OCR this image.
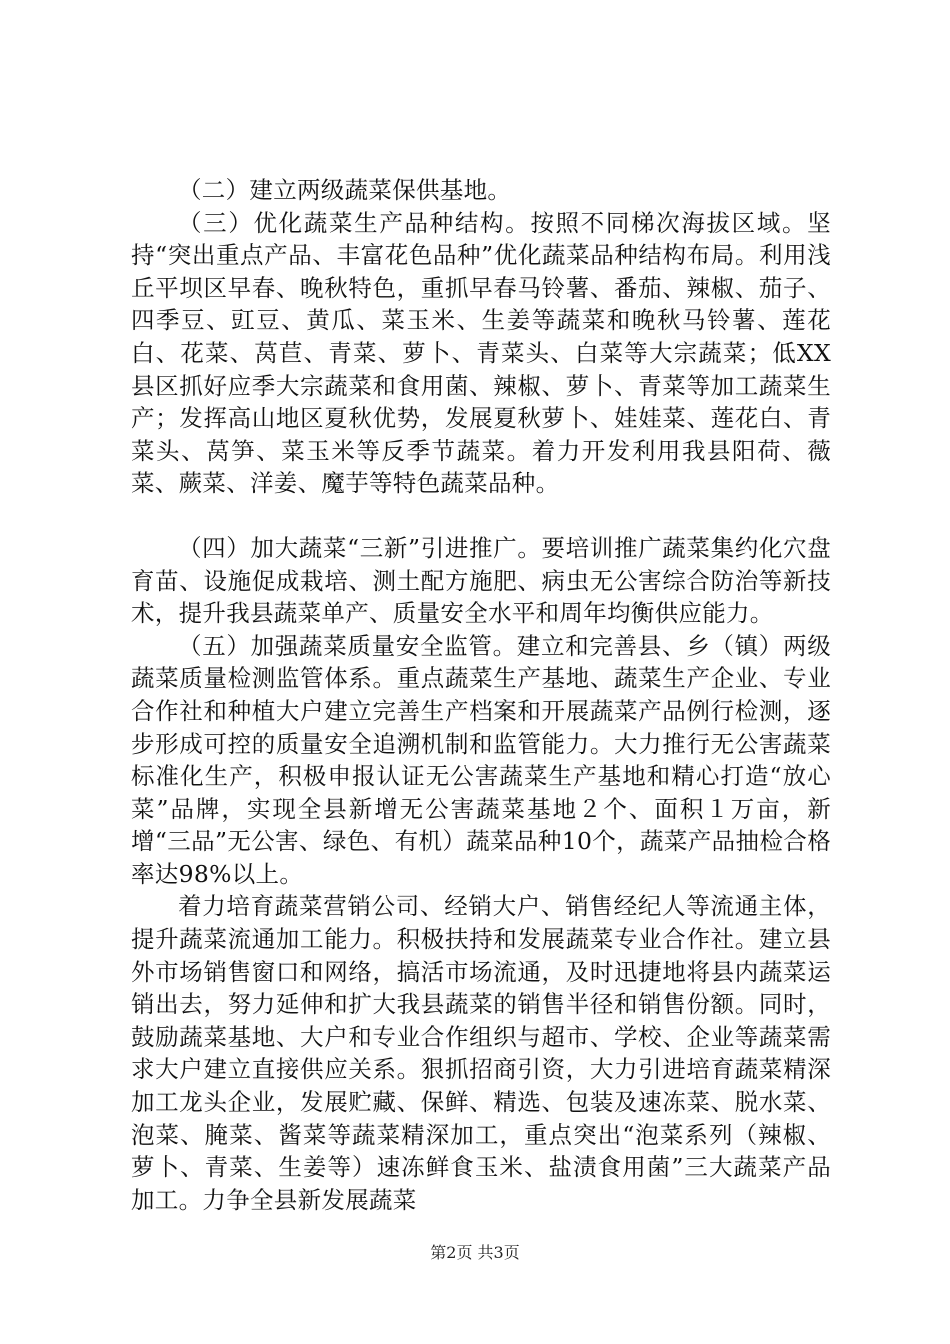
（二）建立两级蔬菜保供基地。

（三）优化蔬菜生产品种结构。按照不同梯次海拔区域。坚持“突出重点产品、丰富花色品种”优化蔬菜品种结构布局。利用浅丘平坝区早春、晚秋特色，重抓早春马铃薯、番茄、辣椒、茄子、四季豆、豇豆、黄瓜、菜玉米、生姜等蔬菜和晚秋马铃薯、莲花白、花菜、莴苣、青菜、萝卜、青菜头、白菜等大宗蔬菜；低XX县区抓好应季大宗蔬菜和食用菌、辣椒、萝卜、青菜等加工蔬菜生产；发挥高山地区夏秋优势，发展夏秋萝卜、娃娃菜、莲花白、青菜头、莴笋、菜玉米等反季节蔬菜。着力开发利用我县阳荷、薇菜、蕨菜、洋姜、魔芋等特色蔬菜品种。

（四）加大蔬菜“三新”引进推广。要培训推广蔬菜集约化穴盘育苗、设施促成栽培、测土配方施肥、病虫无公害综合防治等新技术，提升我县蔬菜单产、质量安全水平和周年均衡供应能力。

（五）加强蔬菜质量安全监管。建立和完善县、乡（镇）两级蔬菜质量检测监管体系。重点蔬菜生产基地、蔬菜生产企业、专业合作社和种植大户建立完善生产档案和开展蔬菜产品例行检测，逐步形成可控的质量安全追溯机制和监管能力。大力推行无公害蔬菜标准化生产，积极申报认证无公害蔬菜生产基地和精心打造“放心菜”品牌，实现全县新增无公害蔬菜基地２个、面积１万亩，新增“三品”无公害、绿色、有机）蔬菜品种10个，蔬菜产品抽检合格率达98%以上。

着力培育蔬菜营销公司、经销大户、销售经纪人等流通主体，提升蔬菜流通加工能力。积极扶持和发展蔬菜专业合作社。建立县外市场销售窗口和网络，搞活市场流通，及时迅捷地将县内蔬菜运销出去，努力延伸和扩大我县蔬菜的销售半径和销售份额。同时，鼓励蔬菜基地、大户和专业合作组织与超市、学校、企业等蔬菜需求大户建立直接供应关系。狠抓招商引资，大力引进培育蔬菜精深加工龙头企业，发展贮藏、保鲜、精选、包装及速冻菜、脱水菜、泡菜、腌菜、酱菜等蔬菜精深加工，重点突出“泡菜系列（辣椒、萝卜、青菜、生姜等）速冻鲜食玉米、盐渍食用菌”三大蔬菜产品加工。力争全县新发展蔬菜

第2页 共3页
